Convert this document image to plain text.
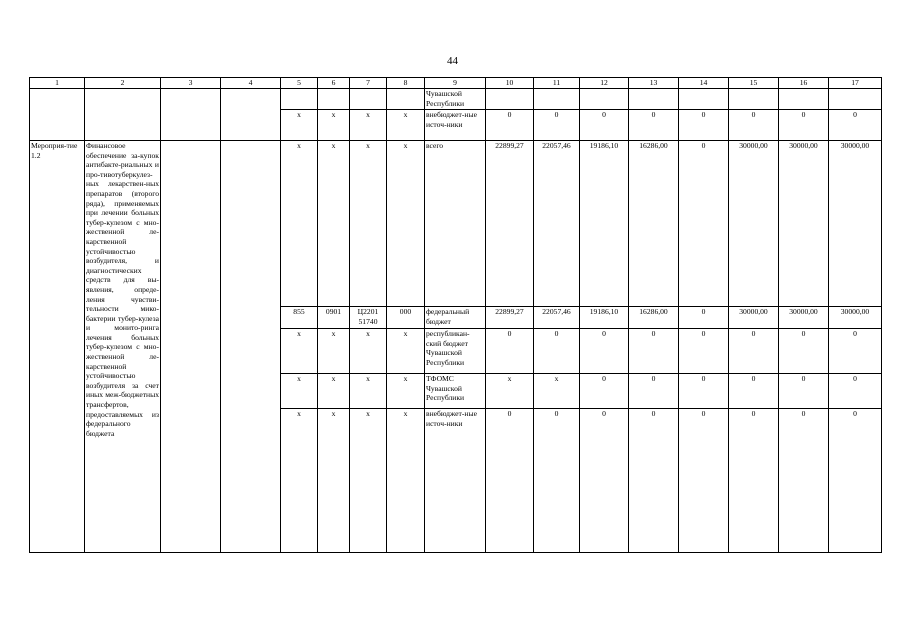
44
1	2	3	4	5	6	7	8	9	10	11	12	13	14	15	16	17
								Чувашской Республики								
				x	x	x	x	внебюджет-ные источ-ники	0	0	0	0	0	0	0	0
Мероприя-тие 1.2	Финансовое обеспечение за-купок антибакте-риальных и про-тивотуберкулез-ных лекарствен-ных препаратов (второго ряда), применяемых при лечении больных тубер-кулезом с мно-жественной ле-карственной устойчивостью возбудителя, и диагностических средств для вы-явления, опреде-ления чувстви-тельности мико-бактерии тубер-кулеза и монито-ринга лечения больных тубер-кулезом с мно-жественной ле-карственной устойчивостью возбудителя за счет иных меж-бюджетных трансфертов, предоставляемых из федерального бюджета			x	x	x	x	всего	22899,27	22057,46	19186,10	16286,00	0	30000,00	30000,00	30000,00
				855	0901	Ц2201 51740	000	федеральный бюджет	22899,27	22057,46	19186,10	16286,00	0	30000,00	30000,00	30000,00
				x	x	x	x	республикан-ский бюджет Чувашской Республики	0	0	0	0	0	0	0	0
				x	x	x	x	ТФОМС Чувашской Республики	x	x	0	0	0	0	0	0
				x	x	x	x	внебюджет-ные источ-ники	0	0	0	0	0	0	0	0
